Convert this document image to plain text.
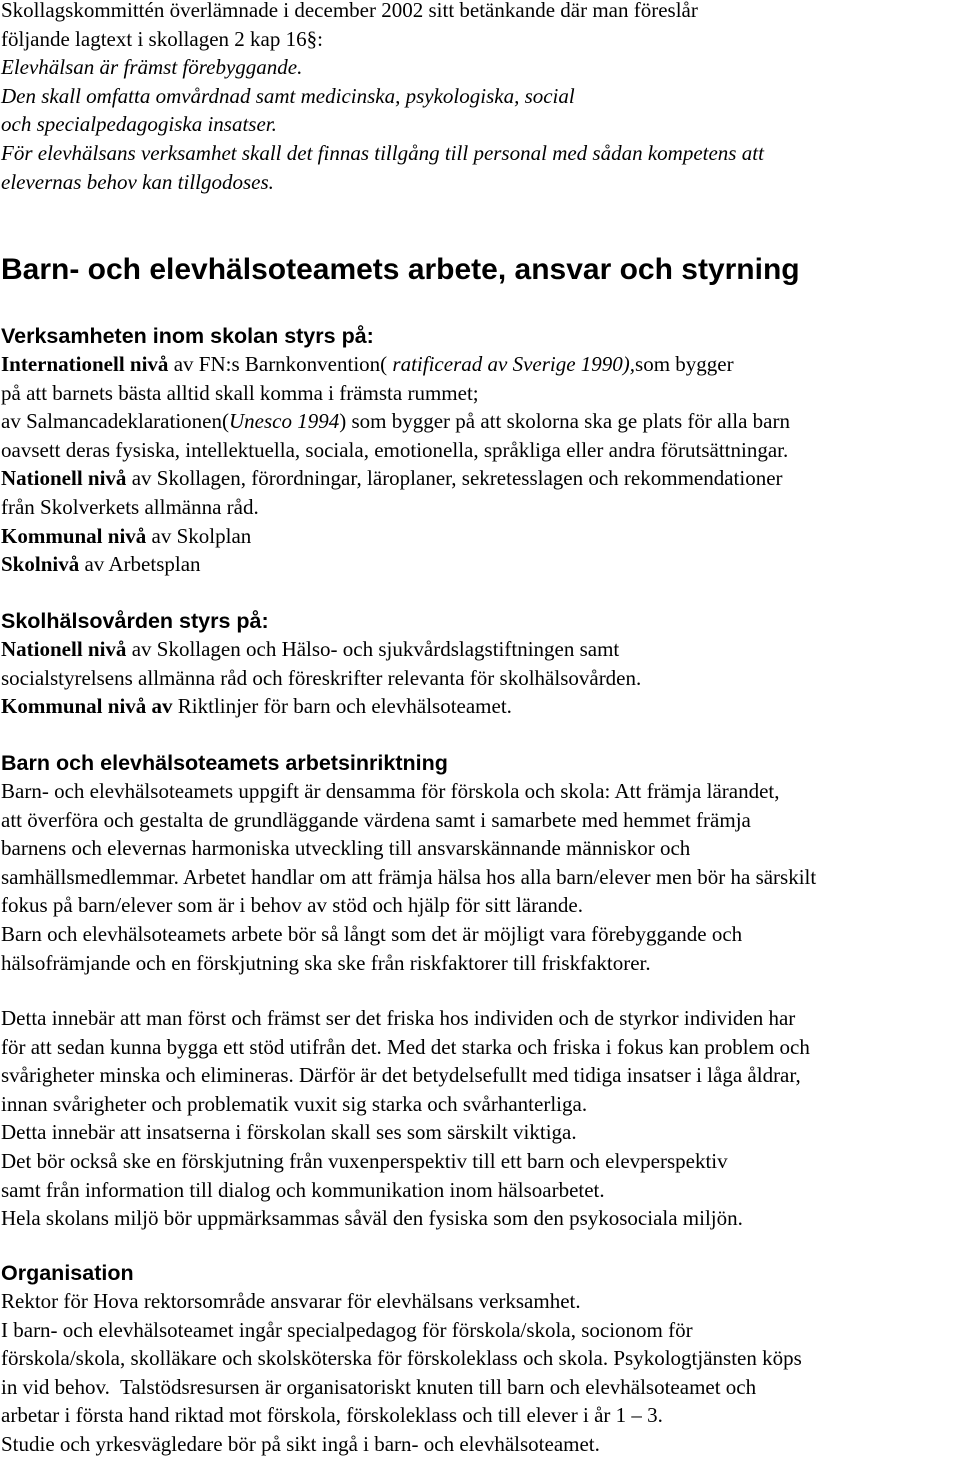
Skollagskommittén överlämnade i december 2002 sitt betänkande där man föreslår
följande lagtext i skollagen 2 kap 16§:
Elevhälsan är främst förebyggande.
Den skall omfatta omvårdnad samt medicinska, psykologiska, social
och specialpedagogiska insatser.
För elevhälsans verksamhet skall det finnas tillgång till personal med sådan kompetens att
elevernas behov kan tillgodoses.
Barn- och elevhälsoteamets arbete, ansvar och styrning
Verksamheten inom skolan styrs på:
Internationell nivå av FN:s Barnkonvention( ratificerad av Sverige 1990),som bygger
på att barnets bästa alltid skall komma i främsta rummet;
av Salmancadeklarationen(Unesco 1994) som bygger på att skolorna ska ge plats för alla barn
oavsett deras fysiska, intellektuella, sociala, emotionella, språkliga eller andra förutsättningar.
Nationell nivå av Skollagen, förordningar, läroplaner, sekretesslagen och rekommendationer
från Skolverkets allmänna råd.
Kommunal nivå av Skolplan
Skolnivå av Arbetsplan
Skolhälsovården styrs på:
Nationell nivå av Skollagen och Hälso- och sjukvårdslagstiftningen samt
socialstyrelsens allmänna råd och föreskrifter relevanta för skolhälsovården.
Kommunal nivå av Riktlinjer för barn och elevhälsoteamet.
Barn och elevhälsoteamets arbetsinriktning
Barn- och elevhälsoteamets uppgift är densamma för förskola och skola: Att främja lärandet,
att överföra och gestalta de grundläggande värdena samt i samarbete med hemmet främja
barnens och elevernas harmoniska utveckling till ansvarskännande människor och
samhällsmedlemmar. Arbetet handlar om att främja hälsa hos alla barn/elever men bör ha särskilt
fokus på barn/elever som är i behov av stöd och hjälp för sitt lärande.
Barn och elevhälsoteamets arbete bör så långt som det är möjligt vara förebyggande och
hälsofrämjande och en förskjutning ska ske från riskfaktorer till friskfaktorer.
Detta innebär att man först och främst ser det friska hos individen och de styrkor individen har
för att sedan kunna bygga ett stöd utifrån det. Med det starka och friska i fokus kan problem och
svårigheter minska och elimineras. Därför är det betydelsefullt med tidiga insatser i låga åldrar,
innan svårigheter och problematik vuxit sig starka och svårhanterliga.
Detta innebär att insatserna i förskolan skall ses som särskilt viktiga.
Det bör också ske en förskjutning från vuxenperspektiv till ett barn och elevperspektiv
samt från information till dialog och kommunikation inom hälsoarbetet.
Hela skolans miljö bör uppmärksammas såväl den fysiska som den psykosociala miljön.
Organisation
Rektor för Hova rektorsområde ansvarar för elevhälsans verksamhet.
I barn- och elevhälsoteamet ingår specialpedagog för förskola/skola, socionom för
förskola/skola, skolläkare och skolsköterska för förskoleklass och skola. Psykologtjänsten köps
in vid behov.  Talstödsresursen är organisatoriskt knuten till barn och elevhälsoteamet och
arbetar i första hand riktad mot förskola, förskoleklass och till elever i år 1 – 3.
Studie och yrkesvägledare bör på sikt ingå i barn- och elevhälsoteamet.
